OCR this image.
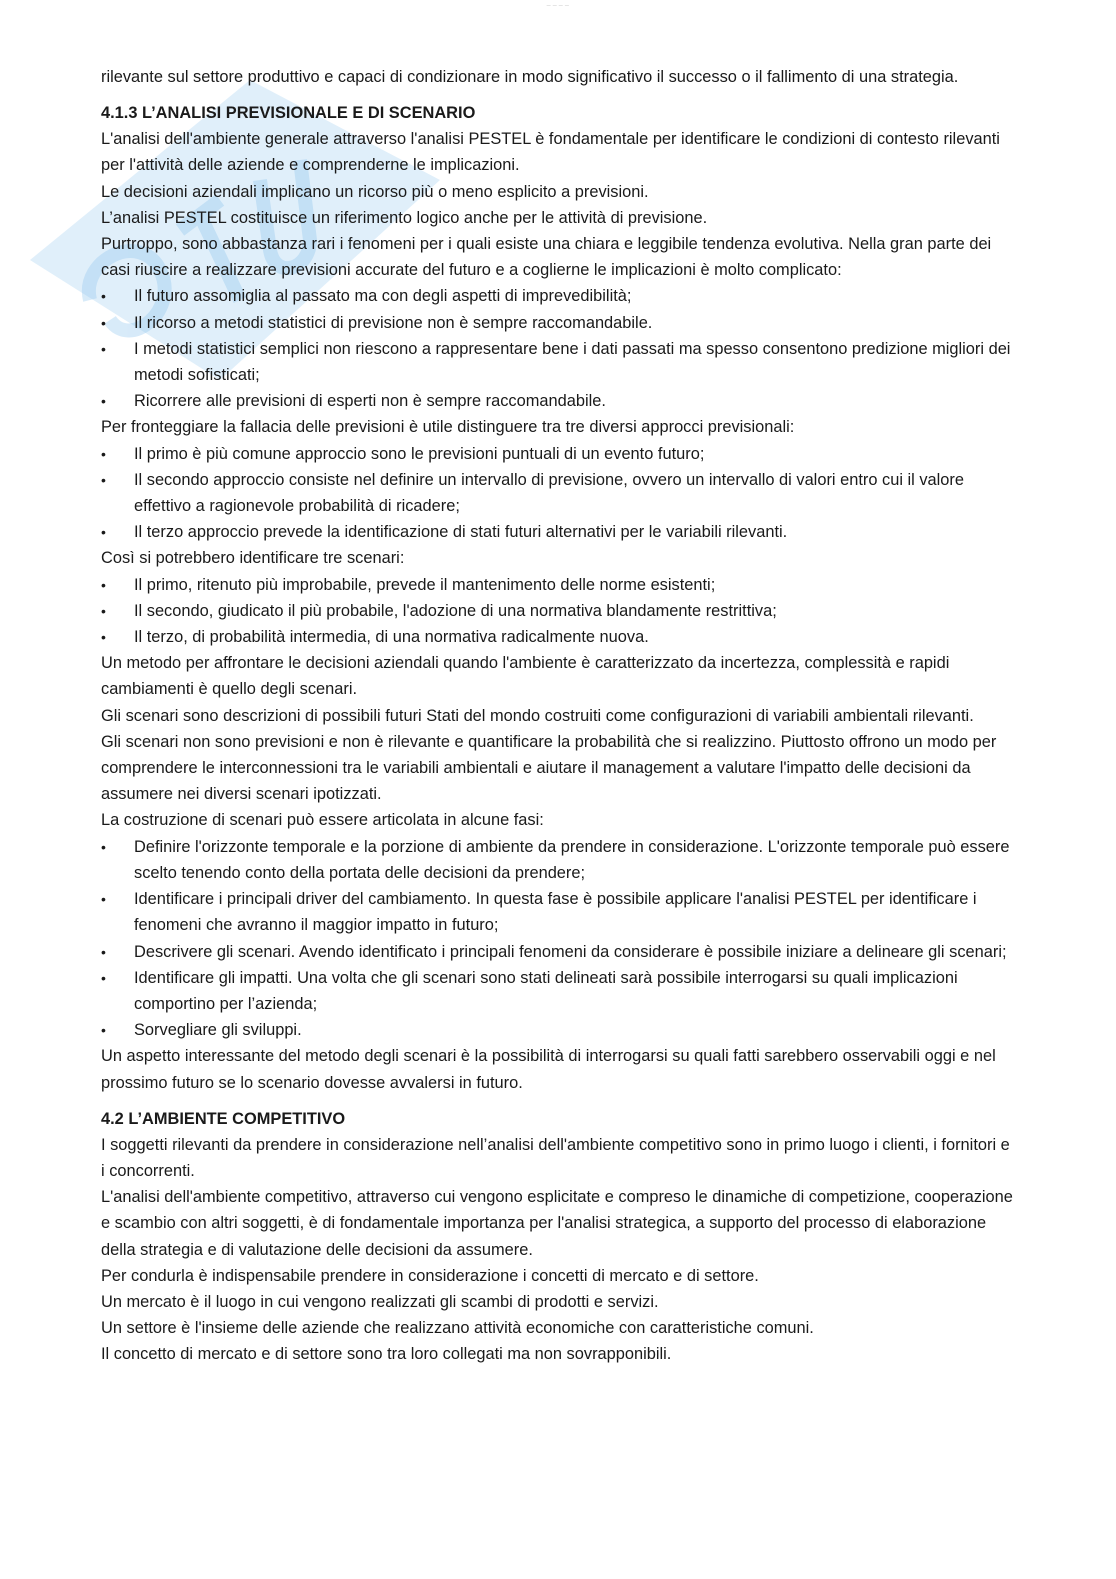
— — — —

rilevante sul settore produttivo e capaci di condizionare in modo significativo il successo o il fallimento di una strategia.

4.1.3 L’ANALISI PREVISIONALE E DI SCENARIO

L'analisi dell'ambiente generale attraverso l'analisi PESTEL è fondamentale per identificare le condizioni di contesto rilevanti per l'attività delle aziende e comprenderne le implicazioni.

Le decisioni aziendali implicano un ricorso più o meno esplicito a previsioni.

L’analisi PESTEL costituisce un riferimento logico anche per le attività di previsione.

Purtroppo, sono abbastanza rari i fenomeni per i quali esiste una chiara e leggibile tendenza evolutiva. Nella gran parte dei casi riuscire a realizzare previsioni accurate del futuro e a coglierne le implicazioni è molto complicato:

•	Il futuro assomiglia al passato ma con degli aspetti di imprevedibilità;
•	Il ricorso a metodi statistici di previsione non è sempre raccomandabile.
•	I metodi statistici semplici non riescono a rappresentare bene i dati passati ma spesso consentono predizione migliori dei metodi sofisticati;
•	Ricorrere alle previsioni di esperti non è sempre raccomandabile.

Per fronteggiare la fallacia delle previsioni è utile distinguere tra tre diversi approcci previsionali:

•	Il primo è più comune approccio sono le previsioni puntuali di un evento futuro;
•	Il secondo approccio consiste nel definire un intervallo di previsione, ovvero un intervallo di valori entro cui il valore effettivo a ragionevole probabilità di ricadere;
•	Il terzo approccio prevede la identificazione di stati futuri alternativi per le variabili rilevanti.

Così si potrebbero identificare tre scenari:

•	Il primo, ritenuto più improbabile, prevede il mantenimento delle norme esistenti;
•	Il secondo, giudicato il più probabile, l'adozione di una normativa blandamente restrittiva;
•	Il terzo, di probabilità intermedia, di una normativa radicalmente nuova.

Un metodo per affrontare le decisioni aziendali quando l'ambiente è caratterizzato da incertezza, complessità e rapidi cambiamenti è quello degli scenari.

Gli scenari sono descrizioni di possibili futuri Stati del mondo costruiti come configurazioni di variabili ambientali rilevanti.

Gli scenari non sono previsioni e non è rilevante e quantificare la probabilità che si realizzino. Piuttosto offrono un modo per comprendere le interconnessioni tra le variabili ambientali e aiutare il management a valutare l'impatto delle decisioni da assumere nei diversi scenari ipotizzati.

La costruzione di scenari può essere articolata in alcune fasi:

•	Definire l'orizzonte temporale e la porzione di ambiente da prendere in considerazione. L'orizzonte temporale può essere scelto tenendo conto della portata delle decisioni da prendere;
•	Identificare i principali driver del cambiamento. In questa fase è possibile applicare l'analisi PESTEL per identificare i fenomeni che avranno il maggior impatto in futuro;
•	Descrivere gli scenari. Avendo identificato i principali fenomeni da considerare è possibile iniziare a delineare gli scenari;
•	Identificare gli impatti. Una volta che gli scenari sono stati delineati sarà possibile interrogarsi su quali implicazioni comportino per l’azienda;
•	Sorvegliare gli sviluppi.

Un aspetto interessante del metodo degli scenari è la possibilità di interrogarsi su quali fatti sarebbero osservabili oggi e nel prossimo futuro se lo scenario dovesse avvalersi in futuro.

4.2 L’AMBIENTE COMPETITIVO

I soggetti rilevanti da prendere in considerazione nell’analisi dell'ambiente competitivo sono in primo luogo i clienti, i fornitori e i concorrenti.

L'analisi dell'ambiente competitivo, attraverso cui vengono esplicitate e compreso le dinamiche di competizione, cooperazione e scambio con altri soggetti, è di fondamentale importanza per l'analisi strategica, a supporto del processo di elaborazione della strategia e di valutazione delle decisioni da assumere.

Per condurla è indispensabile prendere in considerazione i concetti di mercato e di settore.

Un mercato è il luogo in cui vengono realizzati gli scambi di prodotti e servizi.

Un settore è l'insieme delle aziende che realizzano attività economiche con caratteristiche comuni.

Il concetto di mercato e di settore sono tra loro collegati ma non sovrapponibili.
